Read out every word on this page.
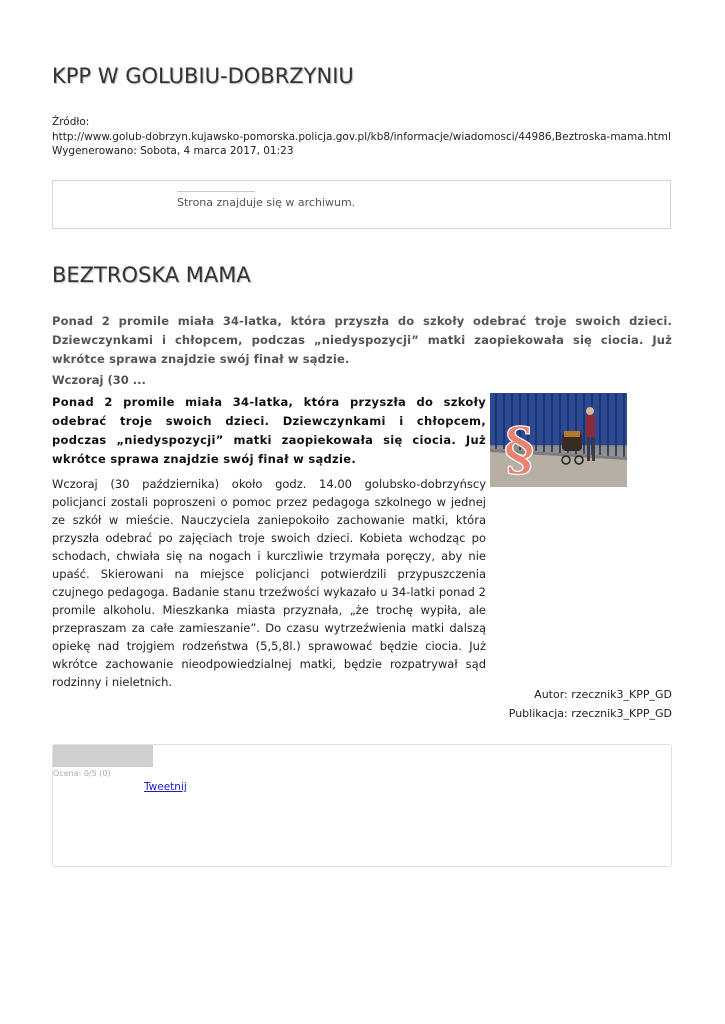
KPP W GOLUBIU-DOBRZYNIU
Źródło:
http://www.golub-dobrzyn.kujawsko-pomorska.policja.gov.pl/kb8/informacje/wiadomosci/44986,Beztroska-mama.html
Wygenerowano: Sobota, 4 marca 2017, 01:23
Strona znajduje się w archiwum.
BEZTROSKA MAMA
Ponad 2 promile miała 34-latka, która przyszła do szkoły odebrać troje swoich dzieci. Dziewczynkami i chłopcem, podczas „niedyspozycji” matki zaopiekowała się ciocia. Już wkrótce sprawa znajdzie swój finał w sądzie.
Wczoraj (30 ...
Ponad 2 promile miała 34-latka, która przyszła do szkoły odebrać troje swoich dzieci. Dziewczynkami i chłopcem, podczas „niedyspozycji” matki zaopiekowała się ciocia. Już wkrótce sprawa znajdzie swój finał w sądzie.	§
Wczoraj (30 października) około godz. 14.00 golubsko-dobrzyńscy policjanci zostali poproszeni o pomoc przez pedagoga szkolnego w jednej ze szkół w mieście. Nauczyciela zaniepokoiło zachowanie matki, która przyszła odebrać po zajęciach troje swoich dzieci. Kobieta wchodząc po schodach, chwiała się na nogach i kurczliwie trzymała poręczy, aby nie upaść. Skierowani na miejsce policjanci potwierdzili przypuszczenia czujnego pedagoga. Badanie stanu trzeźwości wykazało u 34-latki ponad 2 promile alkoholu. Mieszkanka miasta przyznała, „że trochę wypiła, ale przepraszam za całe zamieszanie”. Do czasu wytrzeźwienia matki dalszą opiekę nad trojgiem rodzeństwa (5,5,8l.) sprawować będzie ciocia. Już wkrótce zachowanie nieodpowiedzialnej matki, będzie rozpatrywał sąd rodzinny i nieletnich.
Autor: rzecznik3_KPP_GD
Publikacja: rzecznik3_KPP_GD
Ocena: 0/5 (0)
Tweetnij
